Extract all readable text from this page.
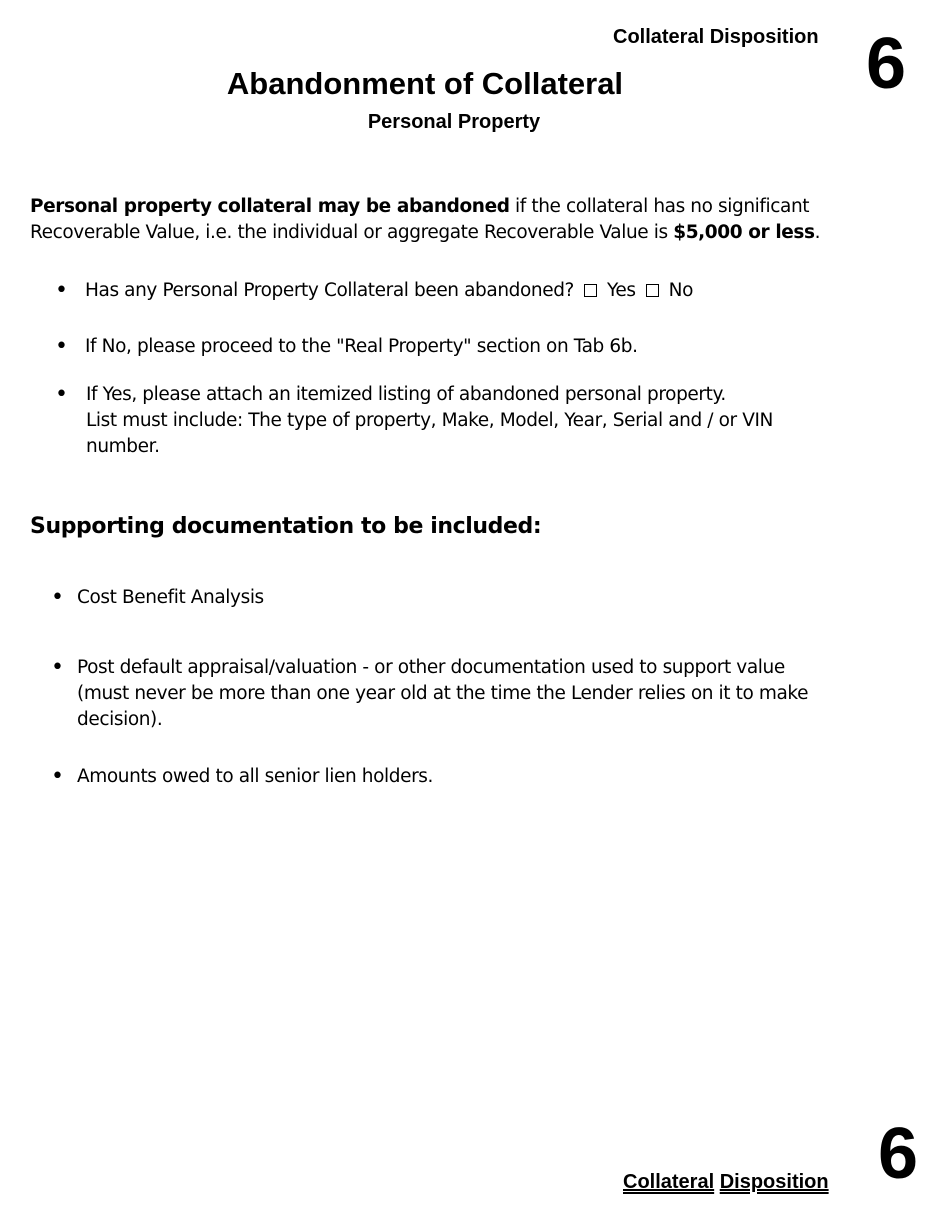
Collateral Disposition 6
Abandonment of Collateral
Personal Property

Personal property collateral may be abandoned if the collateral has no significant Recoverable Value, i.e. the individual or aggregate Recoverable Value is $5,000 or less.

• Has any Personal Property Collateral been abandoned? Yes No
• If No, please proceed to the "Real Property" section on Tab 6b.
• If Yes, please attach an itemized listing of abandoned personal property.
List must include: The type of property, Make, Model, Year, Serial and / or VIN number.
Supporting documentation to be included:
• Cost Benefit Analysis
• Post default appraisal/valuation - or other documentation used to support value (must never be more than one year old at the time the Lender relies on it to make decision).
• Amounts owed to all senior lien holders.
Collateral Disposition 6
